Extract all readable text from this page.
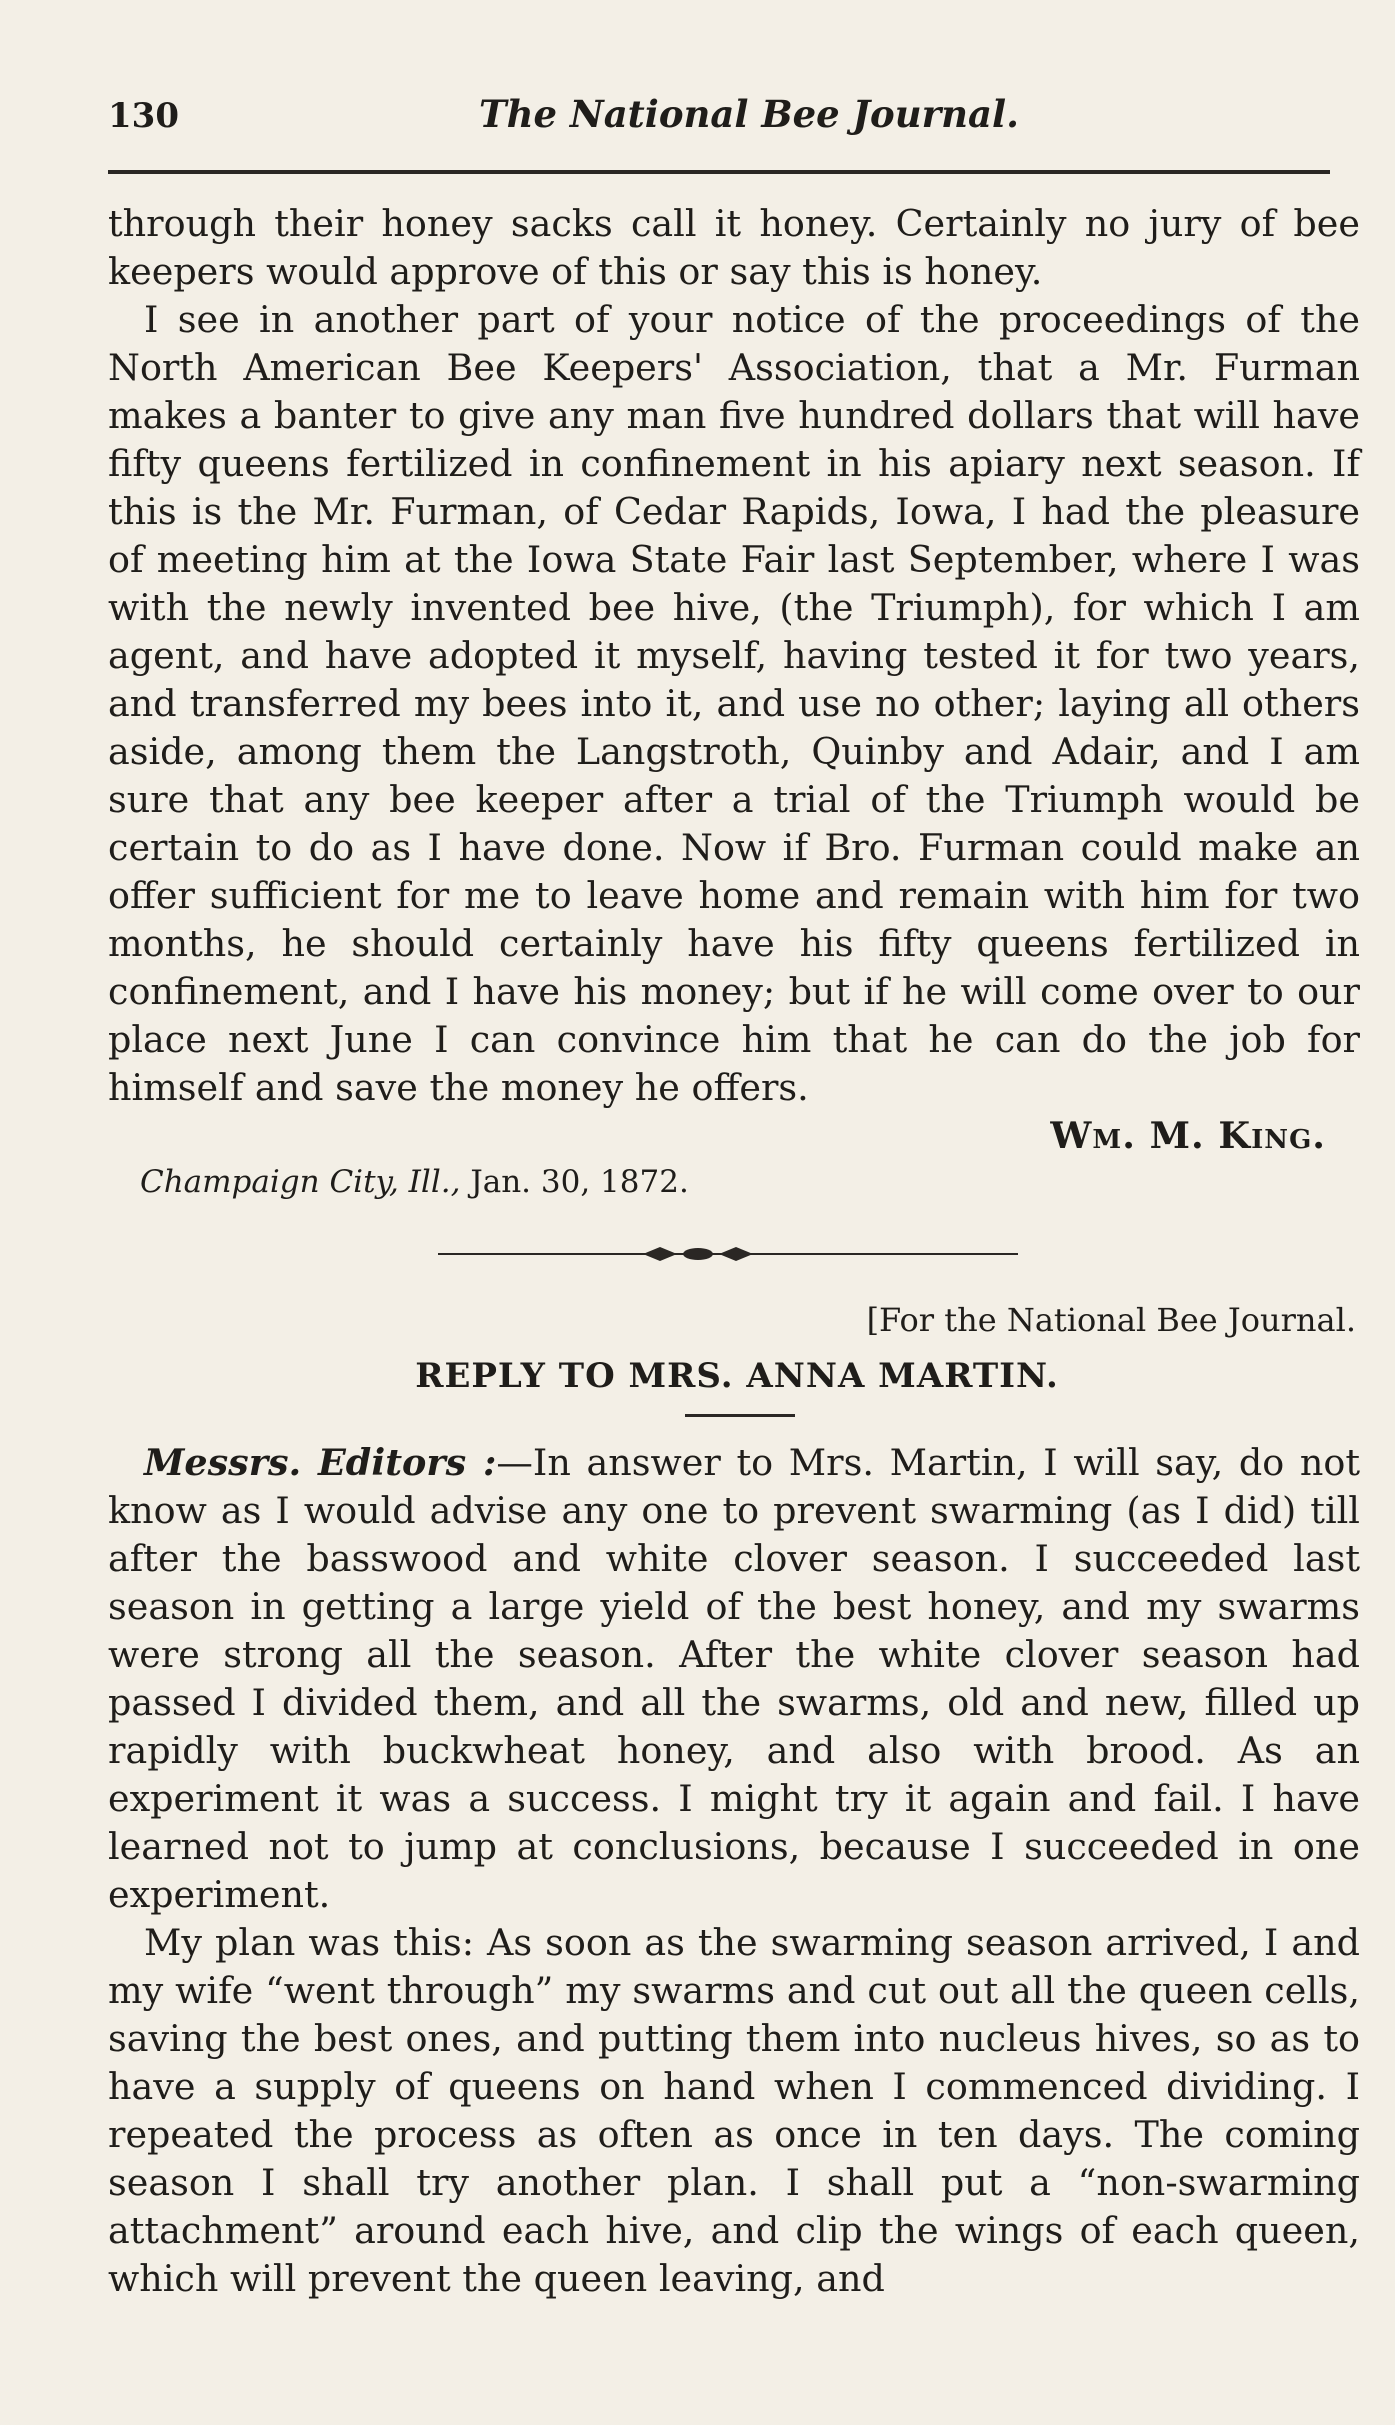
130	The National Bee Journal.

through their honey sacks call it honey. Certainly no jury of bee keepers would approve of this or say this is honey.

I see in another part of your notice of the proceedings of the North American Bee Keepers' Association, that a Mr. Furman makes a banter to give any man five hundred dollars that will have fifty queens fertilized in confinement in his apiary next season. If this is the Mr. Furman, of Cedar Rapids, Iowa, I had the pleasure of meeting him at the Iowa State Fair last September, where I was with the newly invented bee hive, (the Triumph), for which I am agent, and have adopted it myself, having tested it for two years, and transferred my bees into it, and use no other; laying all others aside, among them the Langstroth, Quinby and Adair, and I am sure that any bee keeper after a trial of the Triumph would be certain to do as I have done. Now if Bro. Furman could make an offer sufficient for me to leave home and remain with him for two months, he should certainly have his fifty queens fertilized in confinement, and I have his money; but if he will come over to our place next June I can convince him that he can do the job for himself and save the money he offers.

Wm. M. King.

Champaign City, Ill., Jan. 30, 1872.

[For the National Bee Journal.

REPLY TO MRS. ANNA MARTIN.

Messrs. Editors :—In answer to Mrs. Martin, I will say, do not know as I would advise any one to prevent swarming (as I did) till after the basswood and white clover season. I succeeded last season in getting a large yield of the best honey, and my swarms were strong all the season. After the white clover season had passed I divided them, and all the swarms, old and new, filled up rapidly with buckwheat honey, and also with brood. As an experiment it was a success. I might try it again and fail. I have learned not to jump at conclusions, because I succeeded in one experiment.

My plan was this: As soon as the swarming season arrived, I and my wife “went through” my swarms and cut out all the queen cells, saving the best ones, and putting them into nucleus hives, so as to have a supply of queens on hand when I commenced dividing. I repeated the process as often as once in ten days. The coming season I shall try another plan. I shall put a “non-swarming attachment” around each hive, and clip the wings of each queen, which will prevent the queen leaving, and
